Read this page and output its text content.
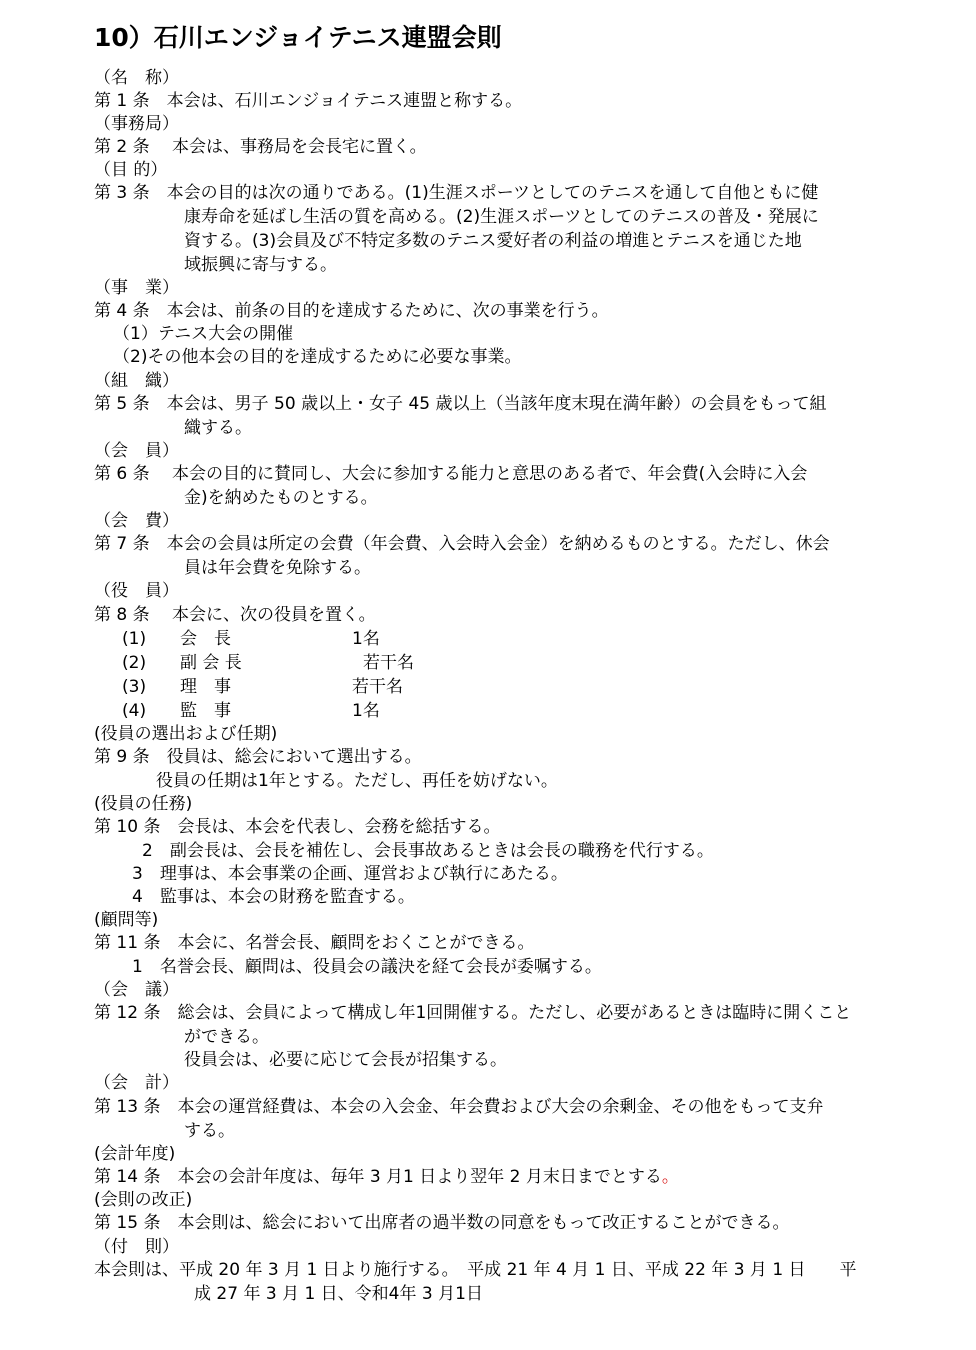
10）石川エンジョイテニス連盟会則
（名　称）
第 1 条　本会は、石川エンジョイテニス連盟と称する。
（事務局）
第 2 条　 本会は、事務局を会長宅に置く。
（目 的）
第 3 条　本会の目的は次の通りである。(1)生涯スポーツとしてのテニスを通して自他ともに健
康寿命を延ばし生活の質を高める。(2)生涯スポーツとしてのテニスの普及・発展に
資する。(3)会員及び不特定多数のテニス愛好者の利益の増進とテニスを通じた地
域振興に寄与する。
（事　業）
第 4 条　本会は、前条の目的を達成するために、次の事業を行う。
（1）テニス大会の開催
（2)その他本会の目的を達成するために必要な事業。
（組　織）
第 5 条　本会は、男子 50 歳以上・女子 45 歳以上（当該年度末現在満年齢）の会員をもって組
織する。
（会　員）
第 6 条　 本会の目的に賛同し、大会に参加する能力と意思のある者で、年会費(入会時に入会
金)を納めたものとする。
（会　費）
第 7 条　本会の会員は所定の会費（年会費、入会時入会金）を納めるものとする。ただし、休会
員は年会費を免除する。
（役　員）
第 8 条　 本会に、次の役員を置く。
(1) 会　長	1名
(2) 副 会 長	若干名
(3) 理　事	若干名
(4) 監　事	1名
(役員の選出および任期)
第 9 条　役員は、総会において選出する。
役員の任期は1年とする。ただし、再任を妨げない。
(役員の任務)
第 10 条　会長は、本会を代表し、会務を総括する。
2　副会長は、会長を補佐し、会長事故あるときは会長の職務を代行する。
3　理事は、本会事業の企画、運営および執行にあたる。
4　監事は、本会の財務を監査する。
(顧問等)
第 11 条　本会に、名誉会長、顧問をおくことができる。
1　名誉会長、顧問は、役員会の議決を経て会長が委嘱する。
（会　議）
第 12 条　総会は、会員によって構成し年1回開催する。ただし、必要があるときは臨時に開くこと
ができる。
役員会は、必要に応じて会長が招集する。
（会　計）
第 13 条　本会の運営経費は、本会の入会金、年会費および大会の余剰金、その他をもって支弁
する。
(会計年度)
第 14 条　本会の会計年度は、毎年 3 月1 日より翌年 2 月末日までとする。
(会則の改正)
第 15 条　本会則は、総会において出席者の過半数の同意をもって改正することができる。
（付　則）
本会則は、平成 20 年 3 月 1 日より施行する。　平成 21 年 4 月 1 日、平成 22 年 3 月 1 日　　平
成 27 年 3 月 1 日、令和4年 3 月1日
